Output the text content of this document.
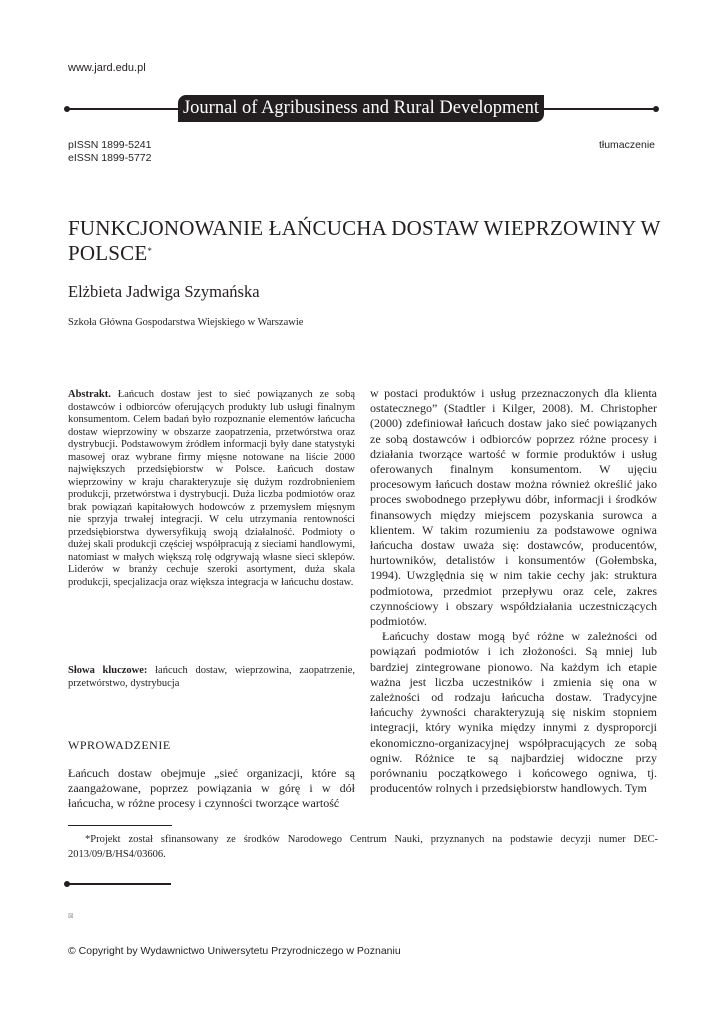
www.jard.edu.pl
Journal of Agribusiness and Rural Development
pISSN 1899-5241
eISSN 1899-5772
tłumaczenie
FUNKCJONOWANIE ŁAŃCUCHA DOSTAW WIEPRZOWINY W POLSCE*
Elżbieta Jadwiga Szymańska
Szkoła Główna Gospodarstwa Wiejskiego w Warszawie
Abstrakt. Łańcuch dostaw jest to sieć powiązanych ze sobą dostawców i odbiorców oferujących produkty lub usługi finalnym konsumentom. Celem badań było rozpoznanie elementów łańcucha dostaw wieprzowiny w obszarze zaopatrzenia, przetwórstwa oraz dystrybucji. Podstawowym źródłem informacji były dane statystyki masowej oraz wybrane firmy mięsne notowane na liście 2000 największych przedsiębiorstw w Polsce. Łańcuch dostaw wieprzowiny w kraju charakteryzuje się dużym rozdrobnieniem produkcji, przetwórstwa i dystrybucji. Duża liczba podmiotów oraz brak powiązań kapitałowych hodowców z przemysłem mięsnym nie sprzyja trwałej integracji. W celu utrzymania rentowności przedsiębiorstwa dywersyfikują swoją działalność. Podmioty o dużej skali produkcji częściej współpracują z sieciami handlowymi, natomiast w małych większą rolę odgrywają własne sieci sklepów. Liderów w branży cechuje szeroki asortyment, duża skala produkcji, specjalizacja oraz większa integracja w łańcuchu dostaw.
Słowa kluczowe: łańcuch dostaw, wieprzowina, zaopatrzenie, przetwórstwo, dystrybucja
WPROWADZENIE
Łańcuch dostaw obejmuje „sieć organizacji, które są zaangażowane, poprzez powiązania w górę i w dół łańcucha, w różne procesy i czynności tworzące wartość

w postaci produktów i usług przeznaczonych dla klienta ostatecznego” (Stadtler i Kilger, 2008). M. Christopher (2000) zdefiniował łańcuch dostaw jako sieć powiązanych ze sobą dostawców i odbiorców poprzez różne procesy i działania tworzące wartość w formie produktów i usług oferowanych finalnym konsumentom. W ujęciu procesowym łańcuch dostaw można również określić jako proces swobodnego przepływu dóbr, informacji i środków finansowych między miejscem pozyskania surowca a klientem. W takim rozumieniu za podstawowe ogniwa łańcucha dostaw uważa się: dostawców, producentów, hurtowników, detalistów i konsumentów (Gołembska, 1994). Uwzględnia się w nim takie cechy jak: struktura podmiotowa, przedmiot przepływu oraz cele, zakres czynnościowy i obszary współdziałania uczestniczących podmiotów.

Łańcuchy dostaw mogą być różne w zależności od powiązań podmiotów i ich złożoności. Są mniej lub bardziej zintegrowane pionowo. Na każdym ich etapie ważna jest liczba uczestników i zmienia się ona w zależności od rodzaju łańcucha dostaw. Tradycyjne łańcuchy żywności charakteryzują się niskim stopniem integracji, który wynika między innymi z dysproporcji ekonomiczno-organizacyjnej współpracujących ze sobą ogniw. Różnice te są najbardziej widoczne przy porównaniu początkowego i końcowego ogniwa, tj. producentów rolnych i przedsiębiorstw handlowych. Tym

*Projekt został sfinansowany ze środków Narodowego Centrum Nauki, przyznanych na podstawie decyzji numer DEC-2013/09/B/HS4/03606.
⊠
© Copyright by Wydawnictwo Uniwersytetu Przyrodniczego w Poznaniu
